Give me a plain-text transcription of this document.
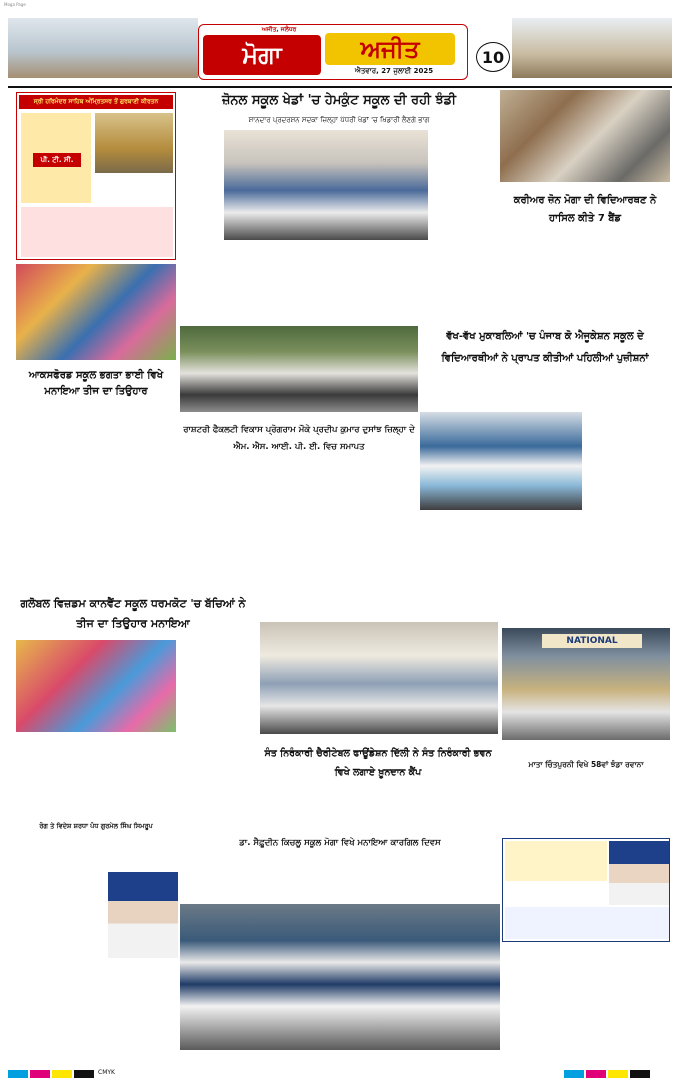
Moga Page
ਅਜੀਤ, ਜਲੰਧਰ
ਮੋਗਾ	ਅਜੀਤ
ਐਤਵਾਰ, 27 ਜੁਲਾਈ 2025
10
ਸ੍ਰੀ ਹਰਿਮੰਦਰ ਸਾਹਿਬ ਅੰਮ੍ਰਿਤਸਰ ਤੋਂ ਗੁਰਬਾਣੀ ਕੀਰਤਨ
ਪੀ. ਟੀ. ਸੀ.

ਆਕਸਫੋਰਡ ਸਕੂਲ ਭਗਤਾ ਭਾਈ ਵਿਖੇ ਮਨਾਇਆ ਤੀਜ ਦਾ ਤਿਉਹਾਰ
ਗਲੋਬਲ ਵਿਜ਼ਡਮ ਕਾਨਵੈਂਟ ਸਕੂਲ ਧਰਮਕੋਟ 'ਚ ਬੱਚਿਆਂ ਨੇ ਤੀਜ ਦਾ ਤਿਉਹਾਰ ਮਨਾਇਆ
ਰੋਗ ਤੇ ਵਿਦੇਸ਼ ਸ਼ਰਧਾ ਪੰਧ ਗੁਰਮੇਲ ਸਿੰਘ ਸਿਮਰੂਪ
ਜ਼ੋਨਲ ਸਕੂਲ ਖੇਡਾਂ 'ਚ ਹੇਮਕੁੰਟ ਸਕੂਲ ਦੀ ਰਹੀ ਝੰਡੀ
ਸ਼ਾਨਦਾਰ ਪ੍ਰਦਰਸ਼ਨ ਸਦਕਾ ਜ਼ਿਲ੍ਹਾ ਪੱਧਰੀ ਖੇਡਾਂ 'ਚ ਖਿਡਾਰੀ ਲੈਣਗੇ ਭਾਗ
ਕਰੀਅਰ ਜ਼ੋਨ ਮੋਗਾ ਦੀ ਵਿਦਿਆਰਥਣ ਨੇ ਹਾਸਿਲ ਕੀਤੇ 7 ਬੈਂਡ
ਰਾਸ਼ਟਰੀ ਫੈਕਲਟੀ ਵਿਕਾਸ ਪ੍ਰੋਗਰਾਮ ਮੌਕੇ ਪ੍ਰਦੀਪ ਕੁਮਾਰ ਦੁਸਾਂਝ ਜ਼ਿਲ੍ਹਾ ਦੇ ਐਮ. ਐਸ. ਆਈ. ਪੀ. ਈ. ਵਿਚ ਸਮਾਪਤ
ਵੱਖ-ਵੱਖ ਮੁਕਾਬਲਿਆਂ 'ਚ ਪੰਜਾਬ ਕੋ ਐਜੂਕੇਸ਼ਨ ਸਕੂਲ ਦੇ ਵਿਦਿਆਰਥੀਆਂ ਨੇ ਪ੍ਰਾਪਤ ਕੀਤੀਆਂ ਪਹਿਲੀਆਂ ਪੁਜ਼ੀਸ਼ਨਾਂ
ਸੰਤ ਨਿਰੰਕਾਰੀ ਚੈਰੀਟੇਬਲ ਫਾਊਂਡੇਸ਼ਨ ਦਿੱਲੀ ਨੇ ਸੰਤ ਨਿਰੰਕਾਰੀ ਭਵਨ ਵਿਖੇ ਲਗਾਏ ਖ਼ੂਨਦਾਨ ਕੈਂਪ
NATIONAL
ਮਾਤਾ ਚਿੰਤਪੁਰਨੀ ਵਿਖੇ 58ਵਾਂ ਝੰਡਾ ਰਵਾਨਾ
ਡਾ. ਸੈਫ਼ੂਦੀਨ ਕਿਚਲੂ ਸਕੂਲ ਮੋਗਾ ਵਿਖੇ ਮਨਾਇਆ ਕਾਰਗਿਲ ਦਿਵਸ
CMYK
